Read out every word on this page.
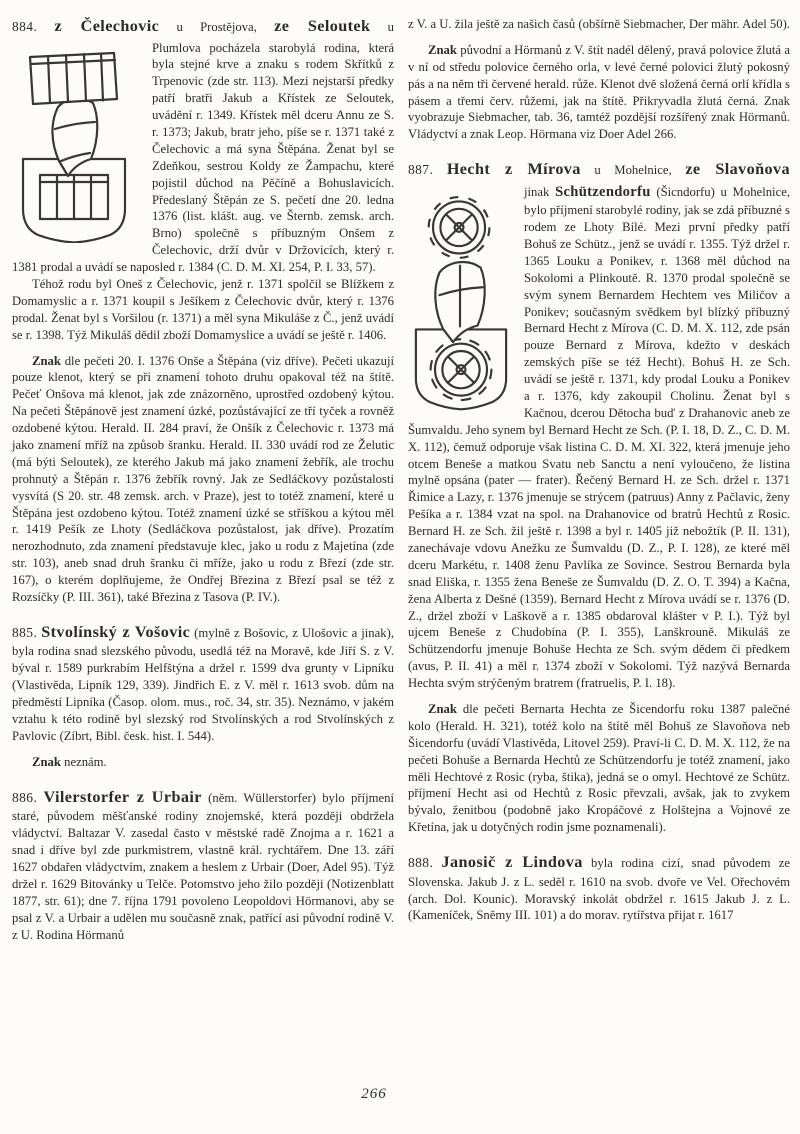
884. z Čelechovic u Prostějova, ze Seloutek u

Plumlova pocházela starobylá rodina, která byla stejné krve a znaku s rodem Skřítků z Trpenovic (zde str. 113). Mezi nejstarší předky patří bratři Jakub a Křístek ze Seloutek, uvádění r. 1349. Křístek měl dceru Annu ze S. r. 1373; Jakub, bratr jeho, píše se r. 1371 také z Čelechovic a má syna Štěpána. Ženat byl se Zdeňkou, sestrou Koldy ze Žampachu, které pojistil důchod na Pěčíně a Bohuslavicích. Předeslaný Štěpán ze S. pečetí dne 20. ledna 1376 (list. klášt. aug. ve Šternb. zemsk. arch. Brno) společně s příbuzným Onšem z Čelechovic, drží dvůr v Držovicích, který r. 1381 prodal a uvádí se naposled r. 1384 (C. D. M. XI. 254, P. I. 33, 57).

Téhož rodu byl Oneš z Čelechovic, jenž r. 1371 spolčil se Blížkem z Domamyslic a r. 1371 koupil s Ješíkem z Čelechovic dvůr, který r. 1376 prodal. Ženat byl s Voršilou (r. 1371) a měl syna Mikuláše z Č., jenž uvádí se r. 1398. Týž Mikuláš dědil zboží Domamyslice a uvádí se ještě r. 1406.

Znak dle pečeti 20. I. 1376 Onše a Štěpána (viz dříve). Pečeti ukazují pouze klenot, který se při znamení tohoto druhu opakoval též na štítě. Pečeť Onšova má klenot, jak zde znázorněno, uprostřed ozdobený kýtou. Na pečeti Štěpánově jest znamení úzké, pozůstávající ze tří tyček a rovněž ozdobené kýtou. Herald. II. 284 praví, že Onšík z Čelechovic r. 1373 má jako znamení mříž na způsob šranku. Herald. II. 330 uvádí rod ze Želutic (má býti Seloutek), ze kterého Jakub má jako znamení žebřík, ale trochu prohnutý a Štěpán r. 1376 žebřík rovný. Jak ze Sedláčkovy pozůstalosti vysvítá (S 20. str. 48 zemsk. arch. v Praze), jest to totéž znamení, které u Štěpána jest ozdobeno kýtou. Totéž znamení úzké se stříškou a kýtou měl r. 1419 Pešík ze Lhoty (Sedláčkova pozůstalost, jak dříve). Prozatím nerozhodnuto, zda znamení představuje klec, jako u rodu z Majetína (zde str. 103), aneb snad druh šranku či mříže, jako u rodu z Březí (zde str. 167), o kterém doplňujeme, že Ondřej Březina z Březí psal se též z Rozsíčky (P. III. 361), také Březina z Tasova (P. IV.).

885. Stvolínský z Vošovic (mylně z Bošovic, z Ulošovic a jinak), byla rodina snad slezského původu, usedlá též na Moravě, kde Jiří S. z V. býval r. 1589 purkrabím Helfštýna a držel r. 1599 dva grunty v Lipníku (Vlastivěda, Lipník 129, 339). Jindřich E. z V. měl r. 1613 svob. dům na předměstí Lipníka (Časop. olom. mus., roč. 34, str. 35). Neznámo, v jakém vztahu k této rodině byl slezský rod Stvolínských a rod Stvolínských z Pavlovic (Zíbrt, Bibl. česk. hist. I. 544).

Znak neznám.

886. Vilerstorfer z Urbair (něm. Wüllerstorfer) bylo příjmení staré, původem měšťanské rodiny znojemské, která později obdržela vládyctví. Baltazar V. zasedal často v městské radě Znojma a r. 1621 a snad i dříve byl zde purkmistrem, vlastně král. rychtářem. Dne 13. září 1627 obdařen vládyctvím, znakem a heslem z Urbair (Doer, Adel 95). Týž držel r. 1629 Bitovánky u Telče. Potomstvo jeho žilo později (Notizenblatt 1877, str. 61); dne 7. října 1791 povoleno Leopoldovi Hörmanovi, aby se psal z V. a Urbair a udělen mu současně znak, patřící asi původní rodině V. z U. Rodina Hörmanů

z V. a U. žila ještě za našich časů (obšírně Siebmacher, Der mähr. Adel 50).

Znak původní a Hörmanů z V. štít nadél dělený, pravá polovice žlutá a v ní od středu polovice černého orla, v levé černé polovici žlutý pokosný pás a na něm tři červené herald. růže. Klenot dvě složená černá orlí křídla s pásem a třemi červ. růžemi, jak na štítě. Přikryvadla žlutá černá. Znak vyobrazuje Siebmacher, tab. 36, tamtéž pozdější rozšířený znak Hörmanů. Vládyctví a znak Leop. Hörmana viz Doer Adel 266.

887. Hecht z Mírova u Mohelnice, ze Slavoňova

jinak Schützendorfu (Šicndorfu) u Mohelnice, bylo příjmení starobylé rodiny, jak se zdá příbuzné s rodem ze Lhoty Bílé. Mezi první předky patří Bohuš ze Schütz., jenž se uvádí r. 1355. Týž držel r. 1365 Louku a Ponikev, r. 1368 měl důchod na Sokolomi a Plinkoutě. R. 1370 prodal společně se svým synem Bernardem Hechtem ves Miličov a Ponikev; současným svědkem byl blízký příbuzný Bernard Hecht z Mírova (C. D. M. X. 112, zde psán pouze Bernard z Mírova, kdežto v deskách zemských píše se též Hecht). Bohuš H. ze Sch. uvádí se ještě r. 1371, kdy prodal Louku a Ponikev a r. 1376, kdy zakoupil Cholinu. Ženat byl s Kačnou, dcerou Dětocha buď z Drahanovic aneb ze Šumvaldu. Jeho synem byl Bernard Hecht ze Sch. (P. I. 18, D. Z., C. D. M. X. 112), čemuž odporuje však listina C. D. M. XI. 322, která jmenuje jeho otcem Beneše a matkou Svatu neb Sanctu a není vyloučeno, že listina mylně opsána (pater — frater). Řečený Bernard H. ze Sch. držel r. 1371 Řimice a Lazy, r. 1376 jmenuje se strýcem (patruus) Anny z Pačlavic, ženy Pešíka a r. 1384 vzat na spol. na Drahanovice od bratrů Hechtů z Rosic. Bernard H. ze Sch. žil ještě r. 1398 a byl r. 1405 již nebožtík (P. II. 131), zanechávaje vdovu Anežku ze Šumvaldu (D. Z., P. I. 128), ze které měl dceru Markétu, r. 1408 ženu Pavlíka ze Sovince. Sestrou Bernarda byla snad Eliška, r. 1355 žena Beneše ze Šumvaldu (D. Z. O. T. 394) a Kačna, žena Alberta z Dešné (1359). Bernard Hecht z Mírova uvádí se r. 1376 (D. Z., držel zboží v Laškově a r. 1385 obdaroval klášter v P. I.). Týž byl ujcem Beneše z Chudobína (P. I. 355), Lanškrouně. Mikuláš ze Schützendorfu jmenuje Bohuše Hechta ze Sch. svým dědem či předkem (avus, P. II. 41) a měl r. 1374 zboží v Sokolomi. Týž nazývá Bernarda Hechta svým strýčeným bratrem (fratruelis, P. I. 18).

Znak dle pečeti Bernarta Hechta ze Šicendorfu roku 1387 palečné kolo (Herald. H. 321), totéž kolo na štítě měl Bohuš ze Slavoňova neb Šicendorfu (uvádí Vlastivěda, Litovel 259). Praví-li C. D. M. X. 112, že na pečeti Bohuše a Bernarda Hechtů ze Schützendorfu je totéž znamení, jako měli Hechtové z Rosic (ryba, štika), jedná se o omyl. Hechtové ze Schütz. příjmení Hecht asi od Hechtů z Rosic převzali, avšak, jak to zvykem bývalo, ženitbou (podobně jako Kropáčové z Holštejna a Vojnové ze Křetína, jak u dotyčných rodin jsme poznamenali).

888. Janosič z Lindova byla rodina cizí, snad původem ze Slovenska. Jakub J. z L. seděl r. 1610 na svob. dvoře ve Vel. Ořechovém (arch. Dol. Kounic). Moravský inkolát obdržel r. 1615 Jakub J. z L. (Kameníček, Sněmy III. 101) a do morav. rytířstva přijat r. 1617

266
